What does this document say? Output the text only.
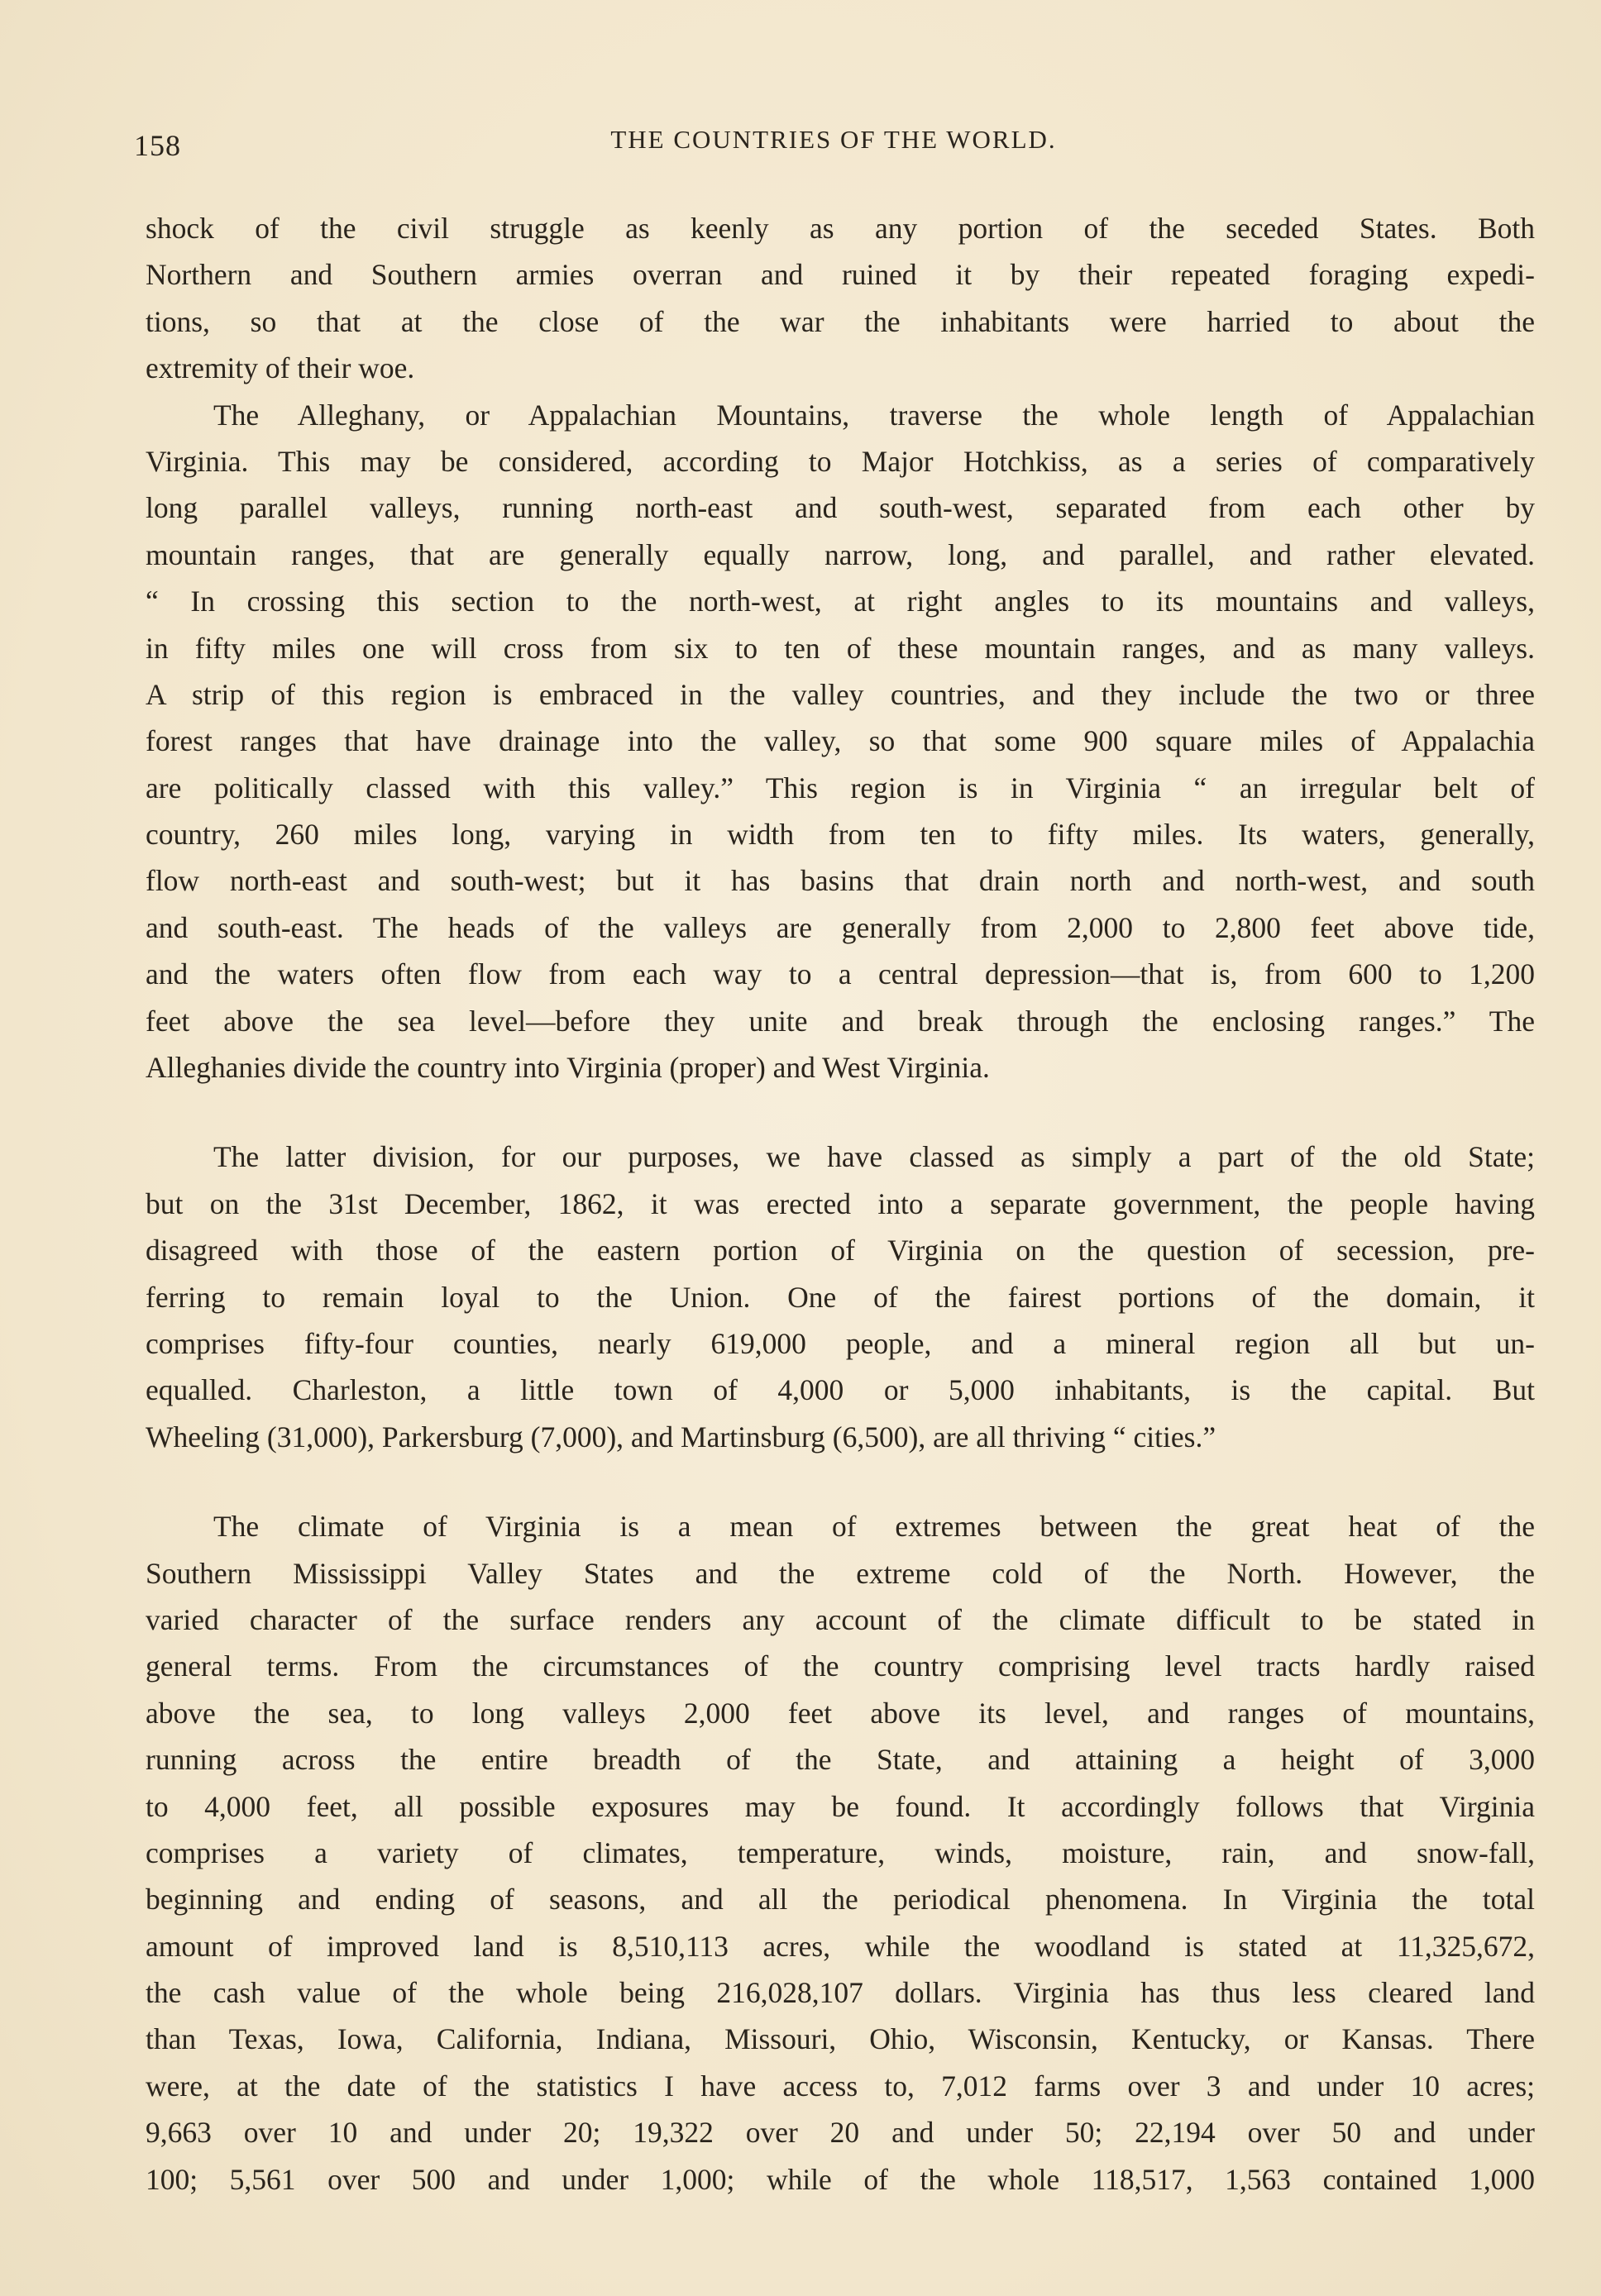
158	THE COUNTRIES OF THE WORLD.
shock of the civil struggle as keenly as any portion of the seceded States. Both
Northern and Southern armies overran and ruined it by their repeated foraging expedi-
tions, so that at the close of the war the inhabitants were harried to about the
extremity of their woe.
The Alleghany, or Appalachian Mountains, traverse the whole length of Appalachian
Virginia. This may be considered, according to Major Hotchkiss, as a series of comparatively
long parallel valleys, running north-east and south-west, separated from each other by
mountain ranges, that are generally equally narrow, long, and parallel, and rather elevated.
“ In crossing this section to the north-west, at right angles to its mountains and valleys,
in fifty miles one will cross from six to ten of these mountain ranges, and as many valleys.
A strip of this region is embraced in the valley countries, and they include the two or three
forest ranges that have drainage into the valley, so that some 900 square miles of Appalachia
are politically classed with this valley.” This region is in Virginia “ an irregular belt of
country, 260 miles long, varying in width from ten to fifty miles. Its waters, generally,
flow north-east and south-west; but it has basins that drain north and north-west, and south
and south-east. The heads of the valleys are generally from 2,000 to 2,800 feet above tide,
and the waters often flow from each way to a central depression—that is, from 600 to 1,200
feet above the sea level—before they unite and break through the enclosing ranges.” The
Alleghanies divide the country into Virginia (proper) and West Virginia.
The latter division, for our purposes, we have classed as simply a part of the old State;
but on the 31st December, 1862, it was erected into a separate government, the people having
disagreed with those of the eastern portion of Virginia on the question of secession, pre-
ferring to remain loyal to the Union. One of the fairest portions of the domain, it
comprises fifty-four counties, nearly 619,000 people, and a mineral region all but un-
equalled. Charleston, a little town of 4,000 or 5,000 inhabitants, is the capital. But
Wheeling (31,000), Parkersburg (7,000), and Martinsburg (6,500), are all thriving “ cities.”
The climate of Virginia is a mean of extremes between the great heat of the
Southern Mississippi Valley States and the extreme cold of the North. However, the
varied character of the surface renders any account of the climate difficult to be stated in
general terms. From the circumstances of the country comprising level tracts hardly raised
above the sea, to long valleys 2,000 feet above its level, and ranges of mountains,
running across the entire breadth of the State, and attaining a height of 3,000
to 4,000 feet, all possible exposures may be found. It accordingly follows that Virginia
comprises a variety of climates, temperature, winds, moisture, rain, and snow-fall,
beginning and ending of seasons, and all the periodical phenomena. In Virginia the total
amount of improved land is 8,510,113 acres, while the woodland is stated at 11,325,672,
the cash value of the whole being 216,028,107 dollars. Virginia has thus less cleared land
than Texas, Iowa, California, Indiana, Missouri, Ohio, Wisconsin, Kentucky, or Kansas. There
were, at the date of the statistics I have access to, 7,012 farms over 3 and under 10 acres;
9,663 over 10 and under 20; 19,322 over 20 and under 50; 22,194 over 50 and under
100; 5,561 over 500 and under 1,000; while of the whole 118,517, 1,563 contained 1,000
